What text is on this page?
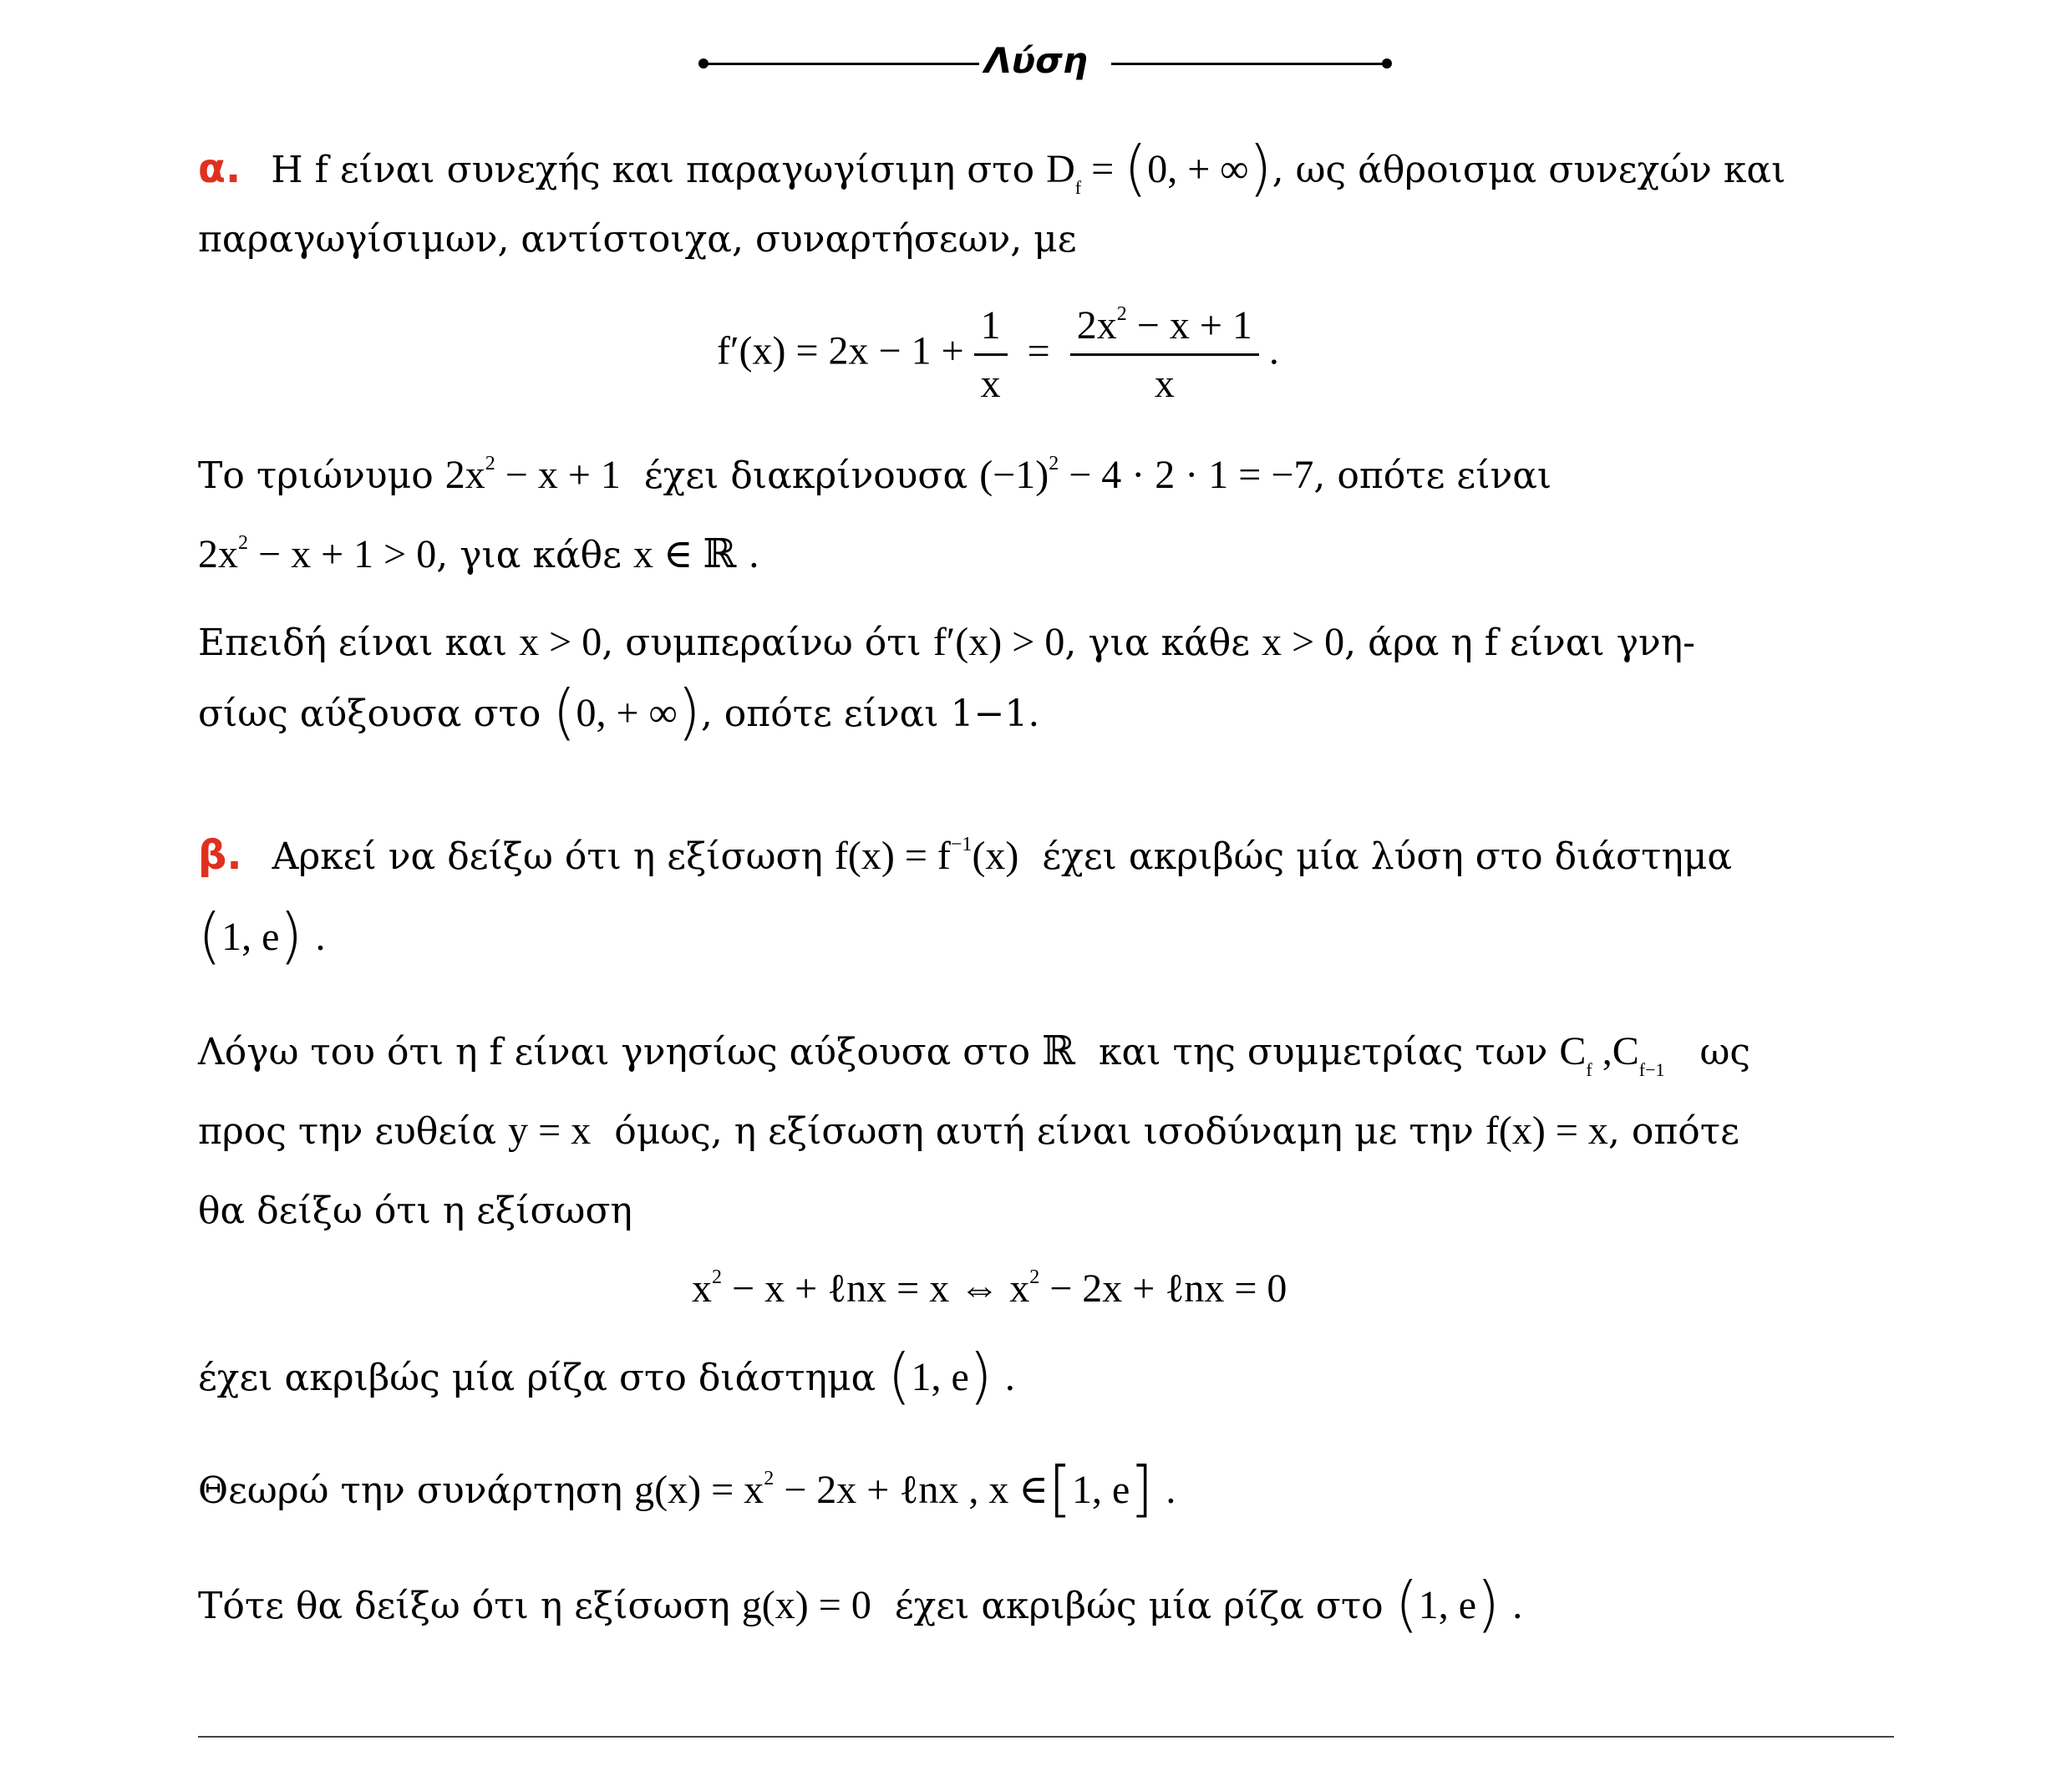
Λύση
α. Η f είναι συνεχής και παραγωγίσιμη στο $D_f = (0$, + ∞), ως άθροισμα συνεχών και
παραγωγίσιμων, αντίστοιχα, συναρτήσεων, με
$f'(x) = 2x - 1 + \frac{1}{x} = \frac{2x^2 - x + 1}{x}$ .
Το τριώνυμο $2x^2 - x + 1$ έχει διακρίνουσα $(-1)^2 - 4 \cdot 2 \cdot 1 = -7$, οπότε είναι
$2x^2 - x + 1 > 0$, για κάθε x ∈ ℝ .
Επειδή είναι και x > 0, συμπεραίνω ότι f′(x) > 0, για κάθε x > 0, άρα η f είναι γνη-
σίως αύξουσα στο (0, + ∞), οπότε είναι 1−1.
β. Αρκεί να δείξω ότι η εξίσωση $f(x) = f^{-1}(x)$ έχει ακριβώς μία λύση στο διάστημα
(1, e) .
Λόγω του ότι η f είναι γνησίως αύξουσα στο ℝ και της συμμετρίας των $C_f$ $,C_{f-1}$ ως
προς την ευθεία y = x όμως, η εξίσωση αυτή είναι ισοδύναμη με την f(x) = x, οπότε
θα δείξω ότι η εξίσωση
$x^2 - x$ + ℓnx = x ⇔ $x^2 - 2x$ + ℓnx = 0
έχει ακριβώς μία ρίζα στο διάστημα (1, e) .
Θεωρώ την συνάρτηση $g(x) = x^2 - 2x$ + ℓnx , x ∈[1, e] .
Τότε θα δείξω ότι η εξίσωση g(x) = 0 έχει ακριβώς μία ρίζα στο (1, e) .
